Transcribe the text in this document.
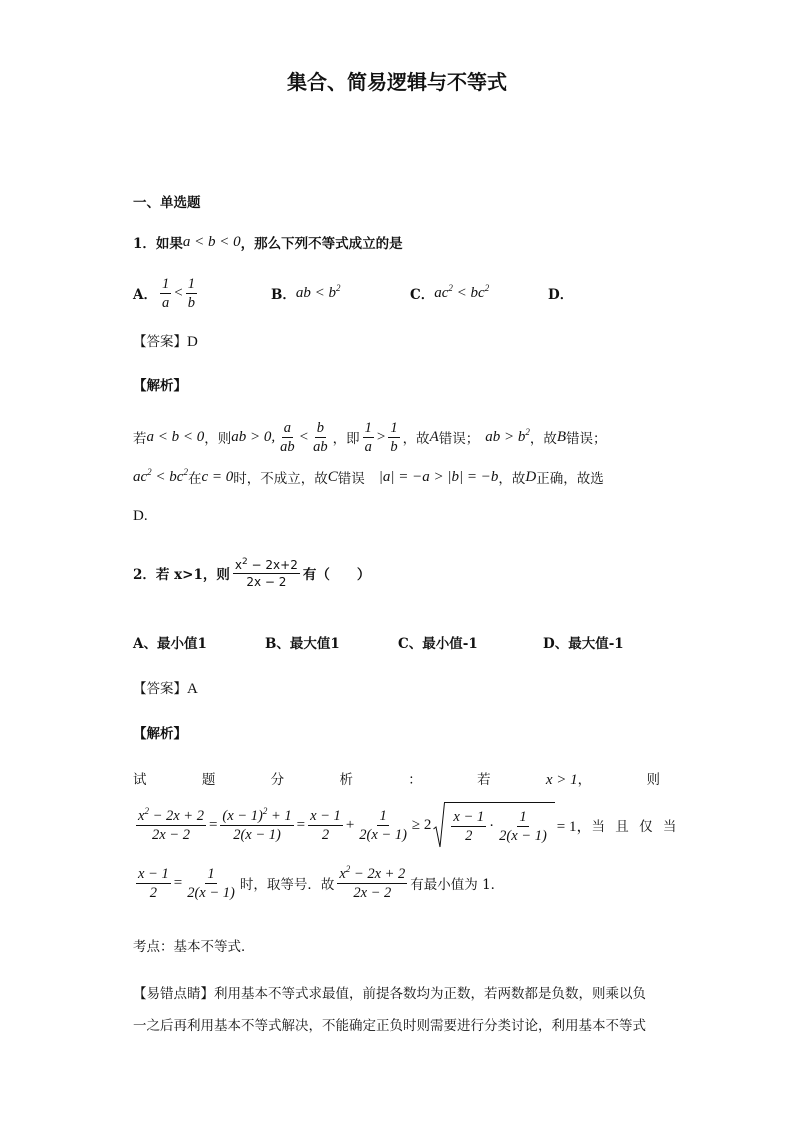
集合、简易逻辑与不等式
一、单选题
1． 如果 a < b < 0 ，那么下列不等式成立的是
A． $\frac{1}{a} < \frac{1}{b}$	B． ab < $b^2$	C． $ac^2 < bc^2$	D．
【答案】 D
【解析】
若 a < b < 0 ，则 ab > 0, $\frac{a}{ab} < \frac{b}{ab}$ ，即 $\frac{1}{a} > \frac{1}{b}$ ，故 A 错误； ab > $b^2$ ，故 B 错误；
$ac^2 < bc^2$ 在 c = 0 时，不成立，故 C 错误 |a| = −a > |b| = −b ，故 D 正确，故选
D.
2． 若 x>1，则 $\frac{x^2 - 2x+2}{2x - 2}$ 有（　　）
A、最小值1	B、最大值1	C、最小值-1	D、最大值-1
【答案】 A
【解析】
试	题	分	析	：	若	x > 1，	则
$\frac{x^2 - 2x + 2}{2x - 2} = \frac{(x - 1)^2 + 1}{2(x - 1)} = \frac{x - 1}{2} + \frac{1}{2(x - 1)} \ge 2 \frac{x - 1}{2} \cdot \frac{1}{2(x - 1)} = 1$， 当 且 仅 当
$\frac{x - 1}{2} = \frac{1}{2(x - 1)}$ 时，取等号．故 $\frac{x^2 - 2x + 2}{2x - 2}$ 有最小值为 1．
考点：基本不等式．
【易错点睛】 利用基本不等式求最值，前提各数均为正数，若两数都是负数，则乘以负
一之后再利用基本不等式解决，不能确定正负时则需要进行分类讨论，利用基本不等式
